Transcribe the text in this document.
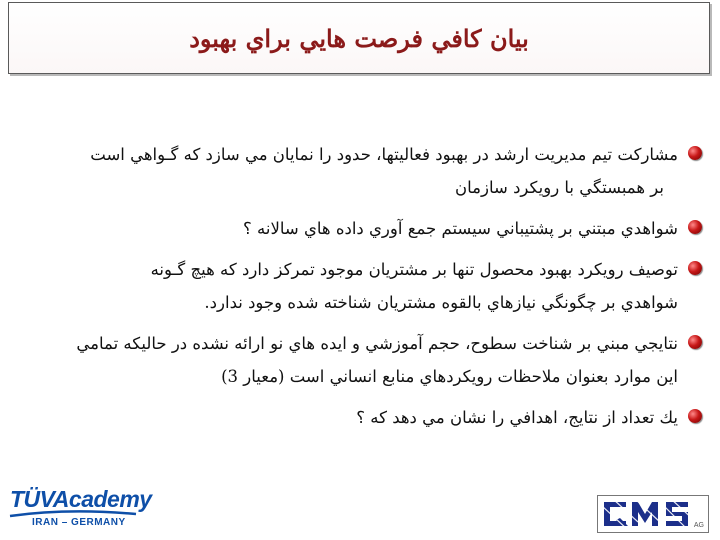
بيان كافي فرصت هايي براي بهبود
مشاركت تيم مديريت ارشد در بهبود فعاليتها، حدود را نمايان مي سازد كه گـواهي است
بر همبستگي با رويكرد سازمان
شواهدي مبتني بر پشتيباني سيستم جمع آوري داده هاي سالانه ؟
توصيف رويكرد بهبود محصول تنها بر مشتريان موجود تمركز دارد كه هيچ گـونه
شواهدي بر چگونگي نيازهاي بالقوه مشتريان شناخته شده وجود ندارد.
نتايجي مبني بر شناخت سطوح، حجم آموزشي و ايده هاي نو ارائه نشده در حاليكه تمامي
اين موارد بعنوان ملاحظات رويكردهاي منابع انساني است (معيار 3)
يك تعداد از نتايج، اهدافي را نشان مي دهد كه ؟
TÜVAcademy
IRAN – GERMANY	AG
